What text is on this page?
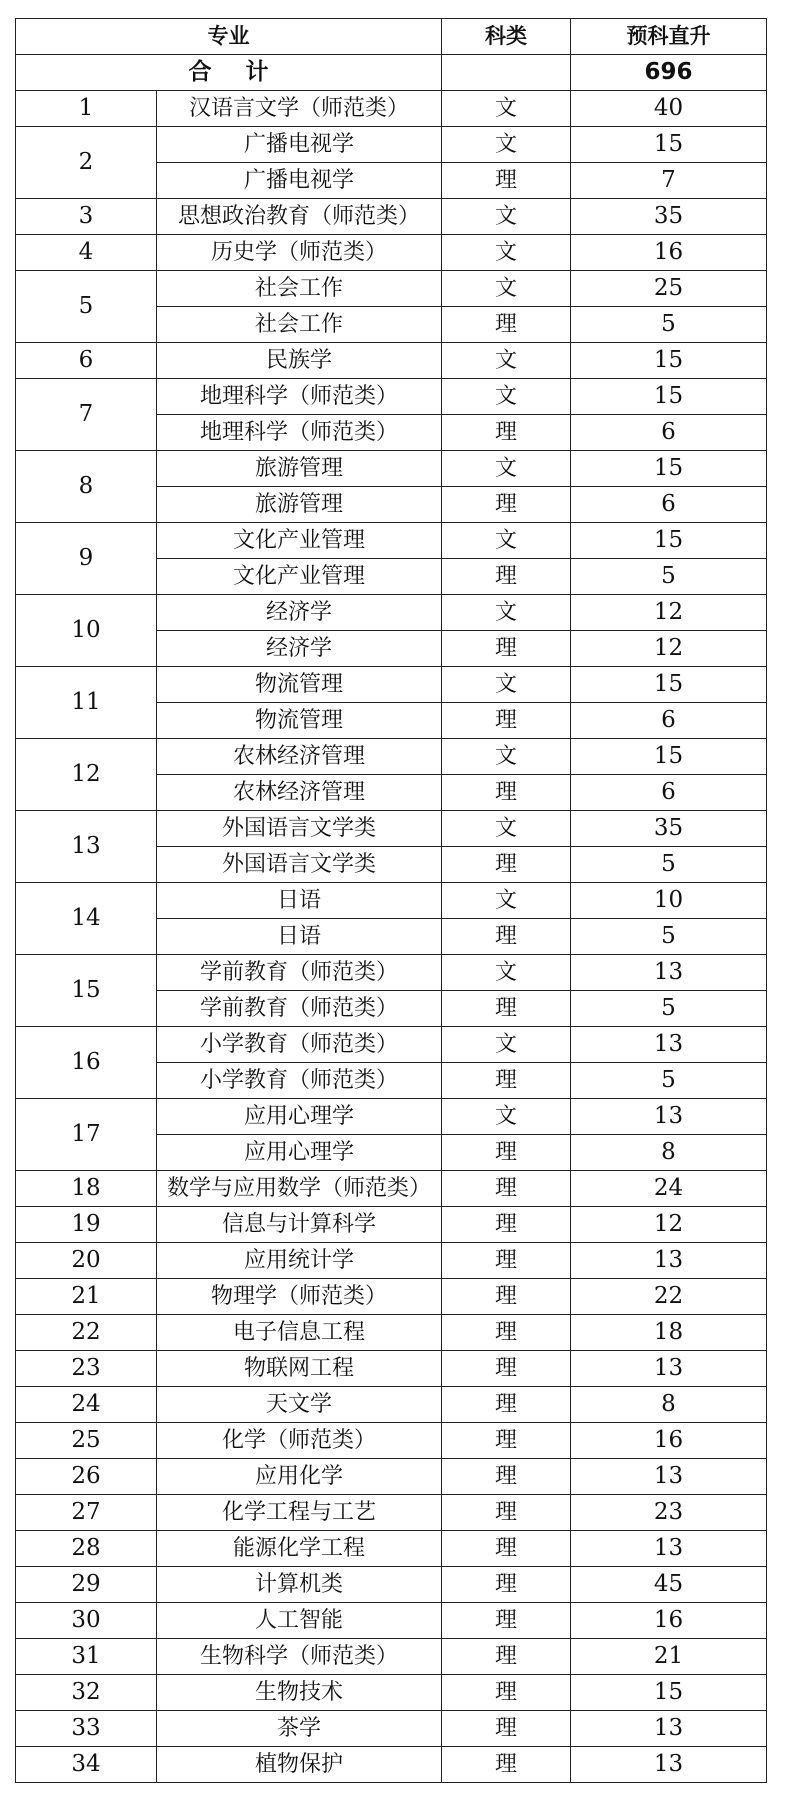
专业		科类	预科直升
合计			696
1	汉语言文学（师范类）	文	40
2	广播电视学	文	15
	广播电视学	理	7
3	思想政治教育（师范类）	文	35
4	历史学（师范类）	文	16
5	社会工作	文	25
	社会工作	理	5
6	民族学	文	15
7	地理科学（师范类）	文	15
	地理科学（师范类）	理	6
8	旅游管理	文	15
	旅游管理	理	6
9	文化产业管理	文	15
	文化产业管理	理	5
10	经济学	文	12
	经济学	理	12
11	物流管理	文	15
	物流管理	理	6
12	农林经济管理	文	15
	农林经济管理	理	6
13	外国语言文学类	文	35
	外国语言文学类	理	5
14	日语	文	10
	日语	理	5
15	学前教育（师范类）	文	13
	学前教育（师范类）	理	5
16	小学教育（师范类）	文	13
	小学教育（师范类）	理	5
17	应用心理学	文	13
	应用心理学	理	8
18	数学与应用数学（师范类）	理	24
19	信息与计算科学	理	12
20	应用统计学	理	13
21	物理学（师范类）	理	22
22	电子信息工程	理	18
23	物联网工程	理	13
24	天文学	理	8
25	化学（师范类）	理	16
26	应用化学	理	13
27	化学工程与工艺	理	23
28	能源化学工程	理	13
29	计算机类	理	45
30	人工智能	理	16
31	生物科学（师范类）	理	21
32	生物技术	理	15
33	茶学	理	13
34	植物保护	理	13
